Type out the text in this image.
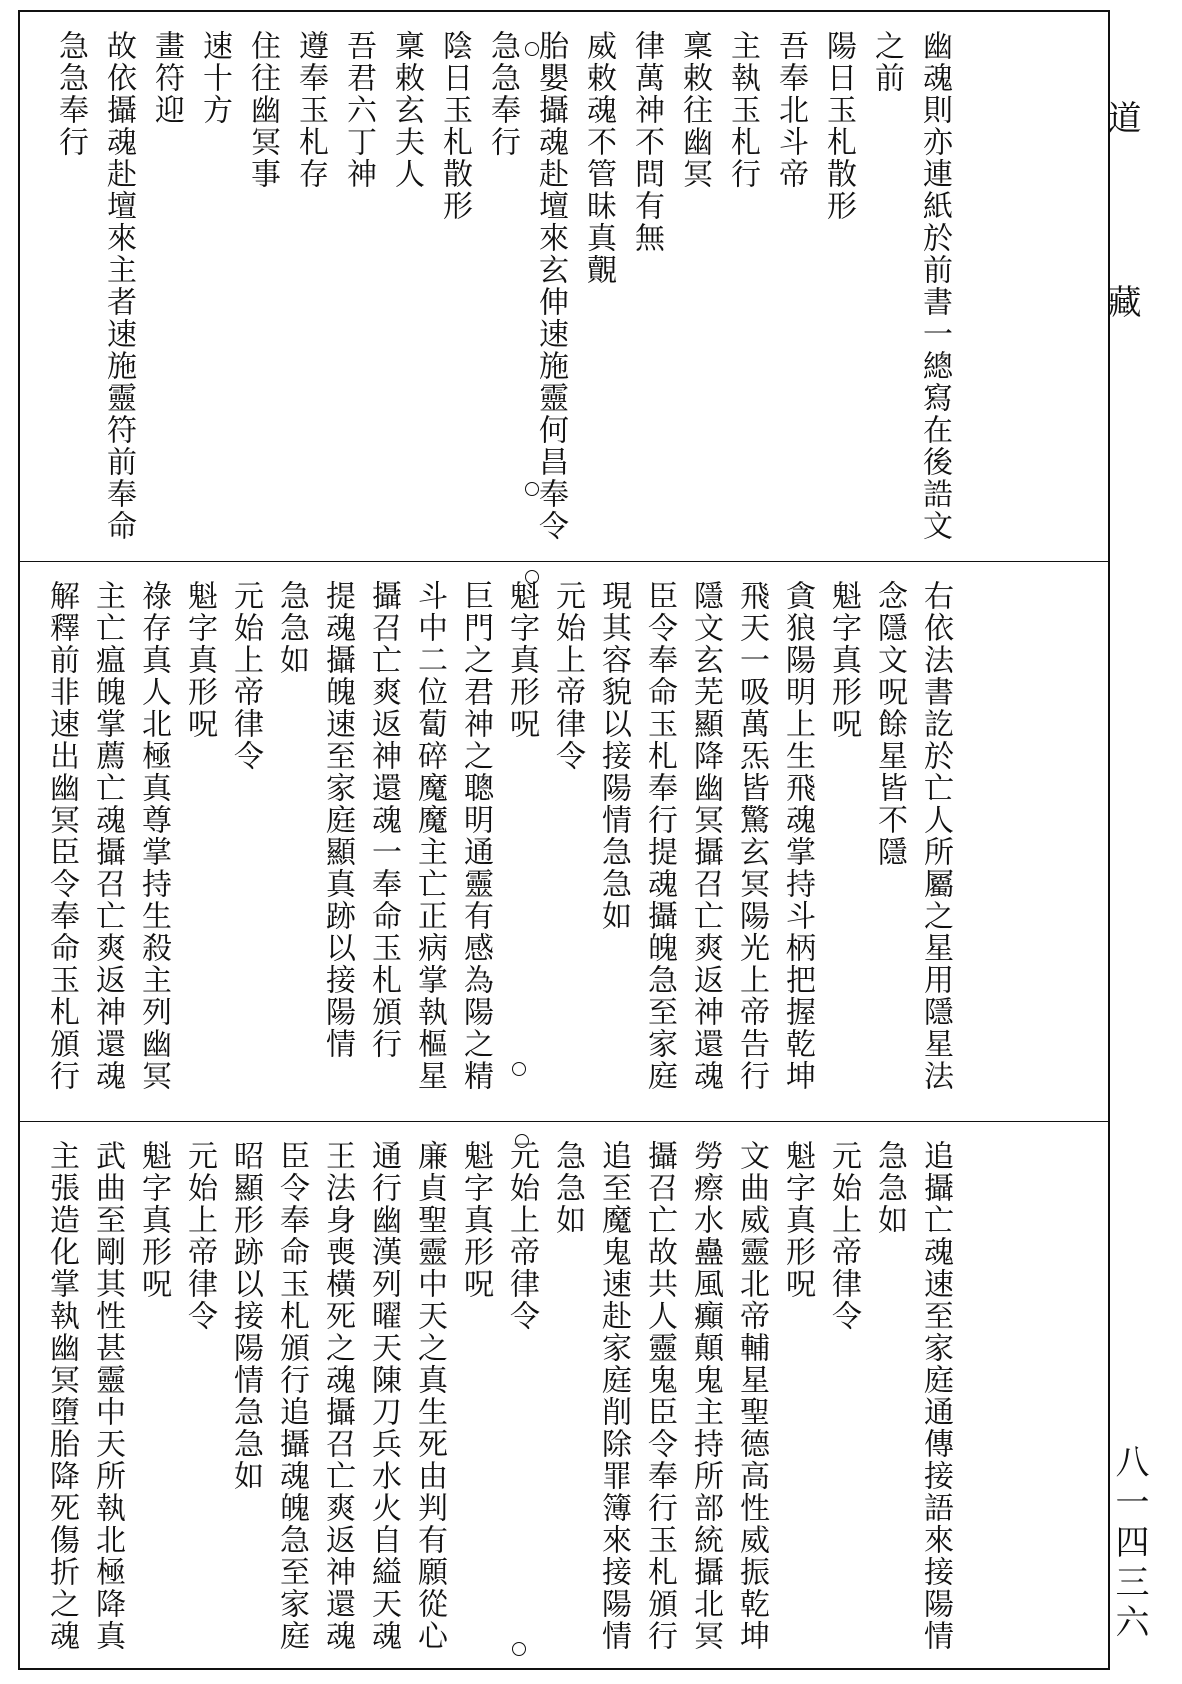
幽魂則亦連紙於前書一總寫在後誥文
之前
陽日玉札散形
吾奉北斗帝
主執玉札行
稟敕往幽冥
律萬神不問有無
威敕魂不管昧真覿
胎嬰攝魂赴壇來玄伸速施靈何昌奉令
急急奉行
陰日玉札散形
稟敕玄夫人
吾君六丁神
遵奉玉札存
住往幽冥事
速十方
畫符迎
故依攝魂赴壇來主者速施靈符前奉命
急急奉行
右依法書訖於亡人所屬之星用隱星法
念隱文呪餘星皆不隱
魁字真形呪
貪狼陽明上生飛魂掌持斗柄把握乾坤
飛天一吸萬炁皆驚玄冥陽光上帝告行
隱文玄芜顯降幽冥攝召亡爽返神還魂
臣令奉命玉札奉行提魂攝魄急至家庭
現其容貌以接陽情急急如
元始上帝律令
魁字真形呪
巨門之君神之聰明通靈有感為陽之精
斗中二位蔔碎魔魔主亡正病掌執樞星
攝召亡爽返神還魂一奉命玉札頒行
提魂攝魄速至家庭顯真跡以接陽情
急急如
元始上帝律令
魁字真形呪
祿存真人北極真尊掌持生殺主列幽冥
主亡瘟魄掌薦亡魂攝召亡爽返神還魂
解釋前非速出幽冥臣令奉命玉札頒行
追攝亡魂速至家庭通傳接語來接陽情
急急如
元始上帝律令
魁字真形呪
文曲威靈北帝輔星聖德高性威振乾坤
勞瘵水蠱風癲顛鬼主持所部統攝北冥
攝召亡故共人靈鬼臣令奉行玉札頒行
追至魔鬼速赴家庭削除罪簿來接陽情
急急如
元始上帝律令
魁字真形呪
廉貞聖靈中天之真生死由判有願從心
通行幽漢列曜天陳刀兵水火自縊天魂
王法身喪橫死之魂攝召亡爽返神還魂
臣令奉命玉札頒行追攝魂魄急至家庭
昭顯形跡以接陽情急急如
元始上帝律令
魁字真形呪
武曲至剛其性甚靈中天所執北極降真
主張造化掌執幽冥墮胎降死傷折之魂
道藏
八一四三六
